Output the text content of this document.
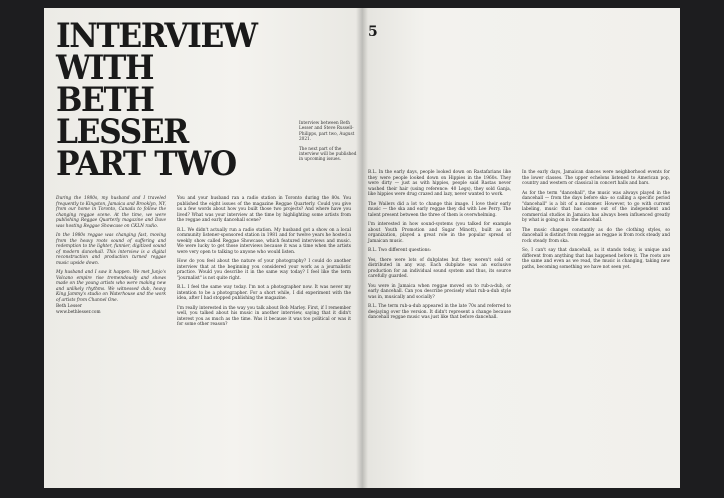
INTERVIEW
WITH
BETH LESSER
PART TWO

Interview between Beth Lesser and Steve Russell-Philipps, part two, August 2021.

The next part of the interview will be published in upcoming issues.

During the 1980s, my husband and I traveled frequently to Kingston, Jamaica and Brooklyn, NY, from our home in Toronto, Canada to follow the changing reggae scene. At the time, we were publishing Reggae Quarterly magazine and Dave was hosting Reggae Showcase on CKLN radio.

In the 1980s reggae was changing fast, moving from the heavy roots sound of suffering and redemption to the lighter, funnier, digitized sound of modern dancehall. This interview is a digital reconstruction and production turned reggae music upside down.

My husband and I saw it happen. We met Junjo's Volcano empire rise tremendously and shows made on the young artists who were making new and unlikely rhythms. We witnessed dub, heavy King Jammy's studio on Waterhouse and the work of artists from Channel One.

Beth Lesser
www.bethlesser.com

You and your husband ran a radio station in Toronto during the 80s. You published the eight issues of the magazine Reggae Quarterly. Could you give us a few words about how you built those two projects? And where have you lived? What was your interview at the time by highlighting some artists from the reggae and early dancehall scene?

B.L. We didn't actually run a radio station. My husband got a show on a local community listener-sponsored station in 1981 and for twelve years he hosted a weekly show called Reggae Showcase, which featured interviews and music. We were lucky to get those interviews because it was a time when the artists were very open to talking to anyone who would listen.

How do you feel about the nature of your photography? I could do another interview that at the beginning you considered your work as a journalistic practice. Would you describe it in the same way today? I feel like the term "journalist" is not quite right.

B.L. I feel the same way today. I'm not a photographer now. It was never my intention to be a photographer. For a short while, I did experiment with the idea, after I had stopped publishing the magazine.

I'm really interested in the way you talk about Bob Marley. First, if I remember well, you talked about his music in another interview, saying that it didn't interest you as much as the time. Was it because it was too political or was it for some other reason?

5

B.L. In the early days, people looked down on Rastafarians like they were people looked down on Hippies in the 1960s. They were dirty — just as with hippies, people said Rastas never washed their hair (using reference: 40 Legs), they sold Ganja, like hippies were drug crazed and lazy, never wanted to work.

The Wailers did a lot to change this image. I love their early music — the ska and early reggae they did with Lee Perry. The talent present between the three of them is overwhelming.

I'm interested in how sound-systems (you talked for example about Youth Promotion and Sugar Minott), built as an organization, played a great role in the popular spread of Jamaican music.

B.L. Two different questions:

Yes, there were lots of dubplates but they weren't sold or distributed in any way. Each dubplate was an exclusive production for an individual sound system and thus, its source carefully guarded.

You were in Jamaica when reggae moved on to rub-a-dub, or early dancehall. Can you describe precisely what rub-a-dub style was in, musically and socially?

B.L. The term rub-a-dub appeared in the late 70s and referred to deejaying over the version. It didn't represent a change because dancehall reggae music was just like that before dancehall.

In the early days, Jamaican dances were neighborhood events for the lower classes. The upper echelons listened to American pop, country and western or classical in concert halls and bars.

As for the term "dancehall", the music was always played in the dancehall — from the days before ska- so calling a specific period "dancehall" is a bit of a misnomer. However, to go with current labeling, music that has come out of the independent and commercial studios in Jamaica has always been influenced greatly by what is going on in the dancehall.

The music changes constantly as do the clothing styles, so dancehall is distinct from reggae as reggae is from rock steady and rock steady from ska.

So, I can't say that dancehall, as it stands today, is unique and different from anything that has happened before it. The roots are the same and even as we read, the music is changing, taking new paths, becoming something we have not seen yet.
